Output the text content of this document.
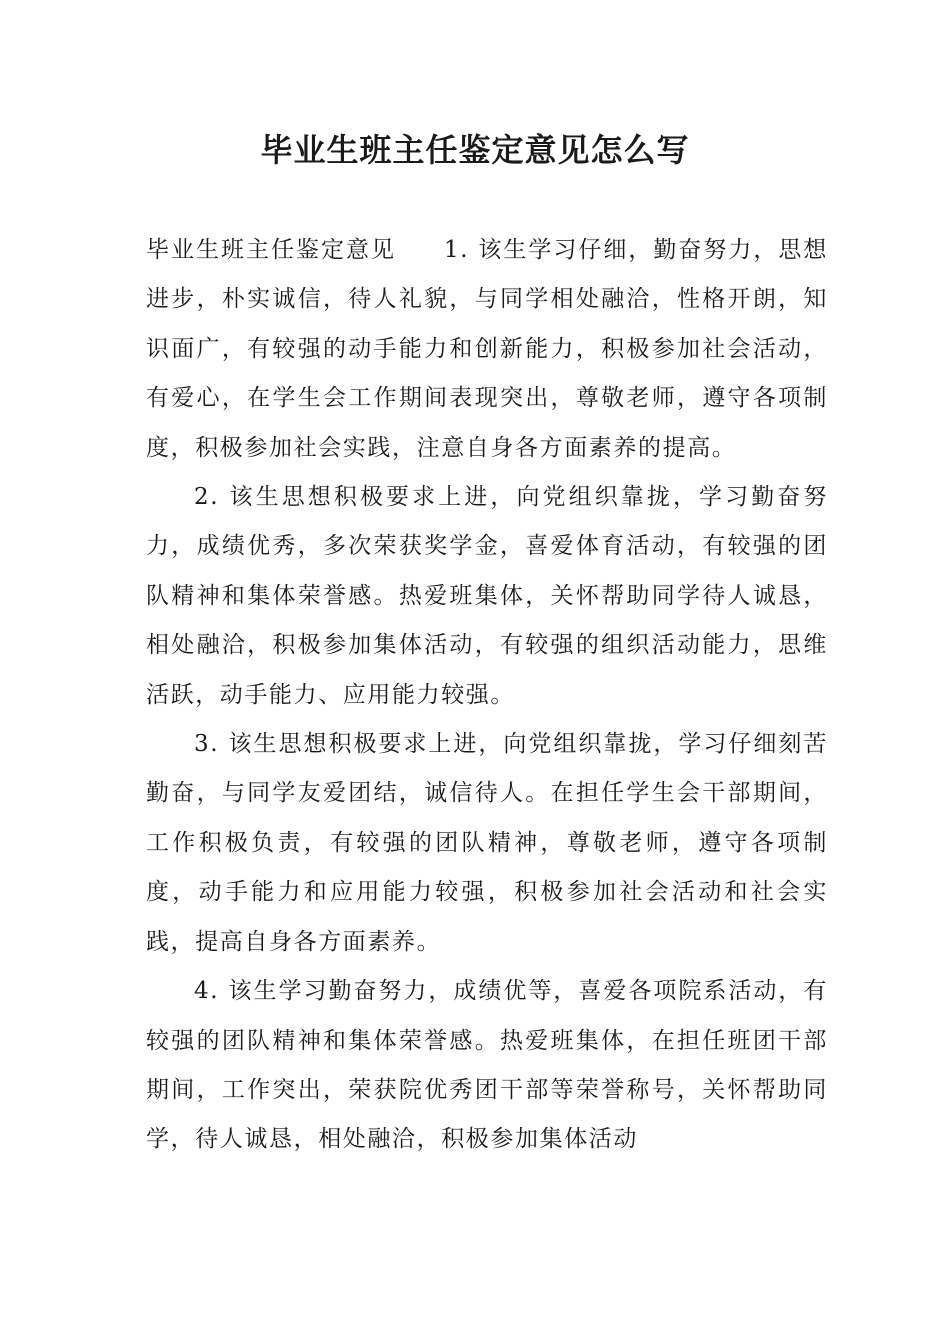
毕业生班主任鉴定意见怎么写

毕业生班主任鉴定意见 1. 该生学习仔细，勤奋努力，思想进步，朴实诚信，待人礼貌，与同学相处融洽，性格开朗，知识面广，有较强的动手能力和创新能力，积极参加社会活动，有爱心，在学生会工作期间表现突出，尊敬老师，遵守各项制度，积极参加社会实践，注意自身各方面素养的提高。

2. 该生思想积极要求上进，向党组织靠拢，学习勤奋努力，成绩优秀，多次荣获奖学金，喜爱体育活动，有较强的团队精神和集体荣誉感。热爱班集体，关怀帮助同学待人诚恳，相处融洽，积极参加集体活动，有较强的组织活动能力，思维活跃，动手能力、应用能力较强。

3. 该生思想积极要求上进，向党组织靠拢，学习仔细刻苦勤奋，与同学友爱团结，诚信待人。在担任学生会干部期间，工作积极负责，有较强的团队精神，尊敬老师，遵守各项制度，动手能力和应用能力较强，积极参加社会活动和社会实践，提高自身各方面素养。

4. 该生学习勤奋努力，成绩优等，喜爱各项院系活动，有较强的团队精神和集体荣誉感。热爱班集体，在担任班团干部期间，工作突出，荣获院优秀团干部等荣誉称号，关怀帮助同学，待人诚恳，相处融洽，积极参加集体活动
